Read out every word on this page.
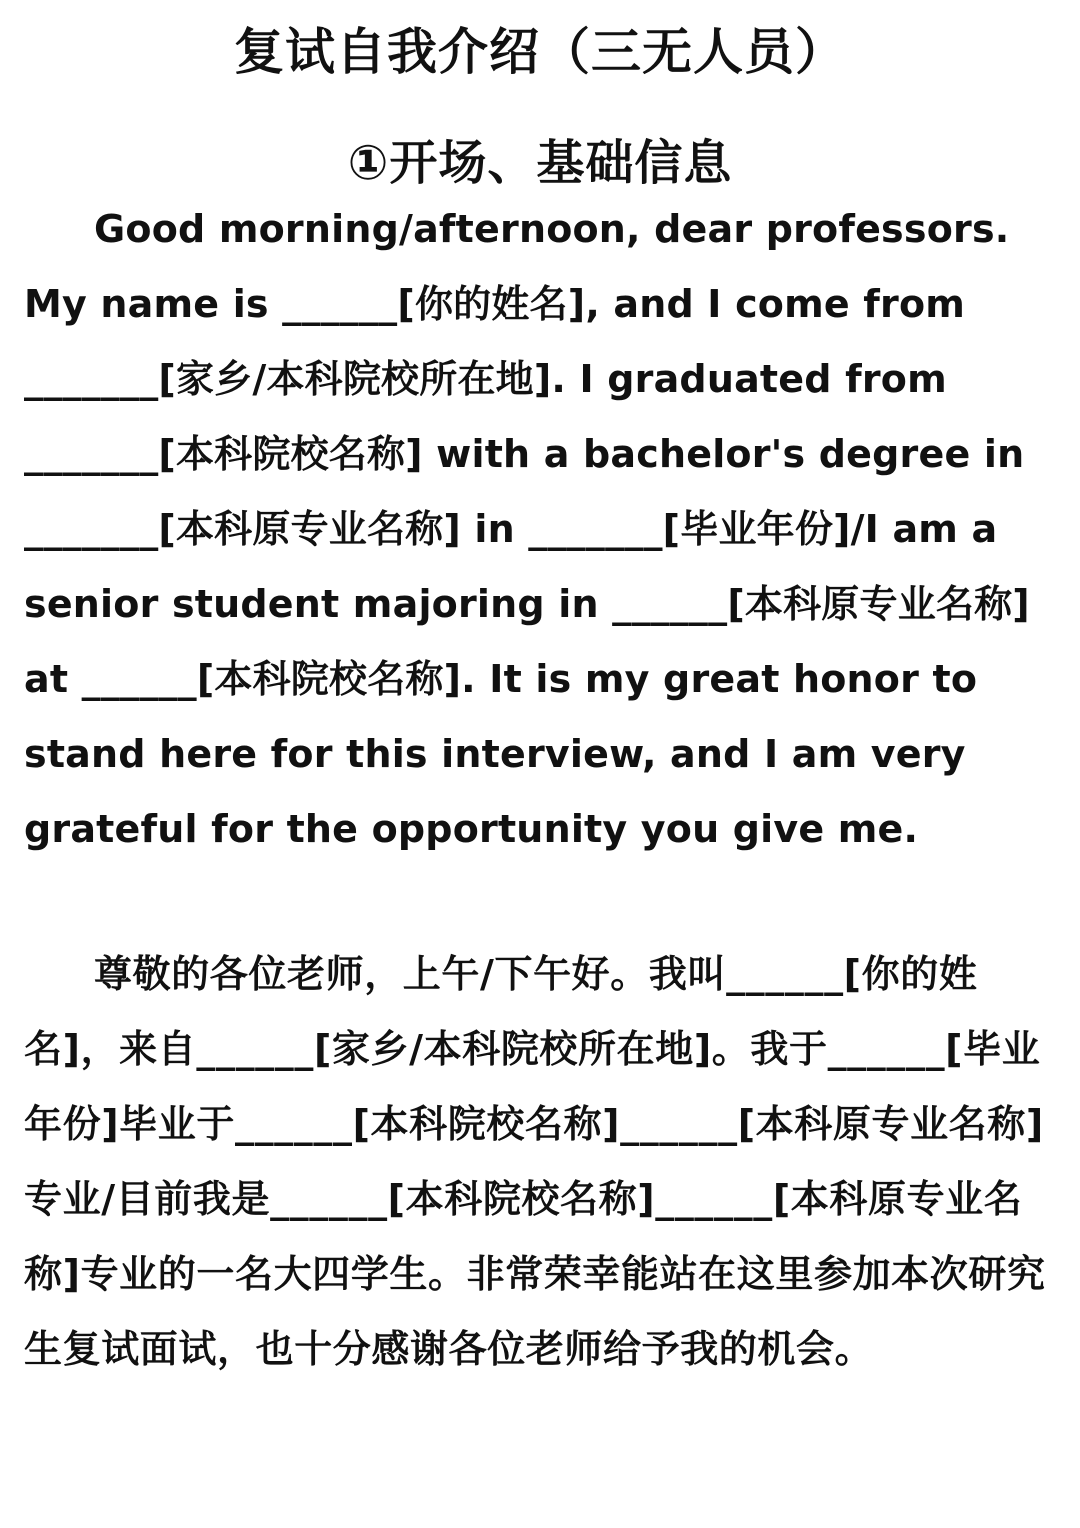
复试自我介绍（三无人员）
①开场、基础信息

Good morning/afternoon, dear professors. My name is ______[你的姓名], and I come from _______[家乡/本科院校所在地]. I graduated from _______[本科院校名称] with a bachelor's degree in _______[本科原专业名称] in _______[毕业年份]/I am a senior student majoring in ______[本科原专业名称] at ______[本科院校名称]. It is my great honor to stand here for this interview, and I am very grateful for the opportunity you give me.

尊敬的各位老师，上午/下午好。我叫______[你的姓名]，来自______[家乡/本科院校所在地]。我于______[毕业年份]毕业于______[本科院校名称]______[本科原专业名称]专业/目前我是______[本科院校名称]______[本科原专业名称]专业的一名大四学生。非常荣幸能站在这里参加本次研究生复试面试，也十分感谢各位老师给予我的机会。
